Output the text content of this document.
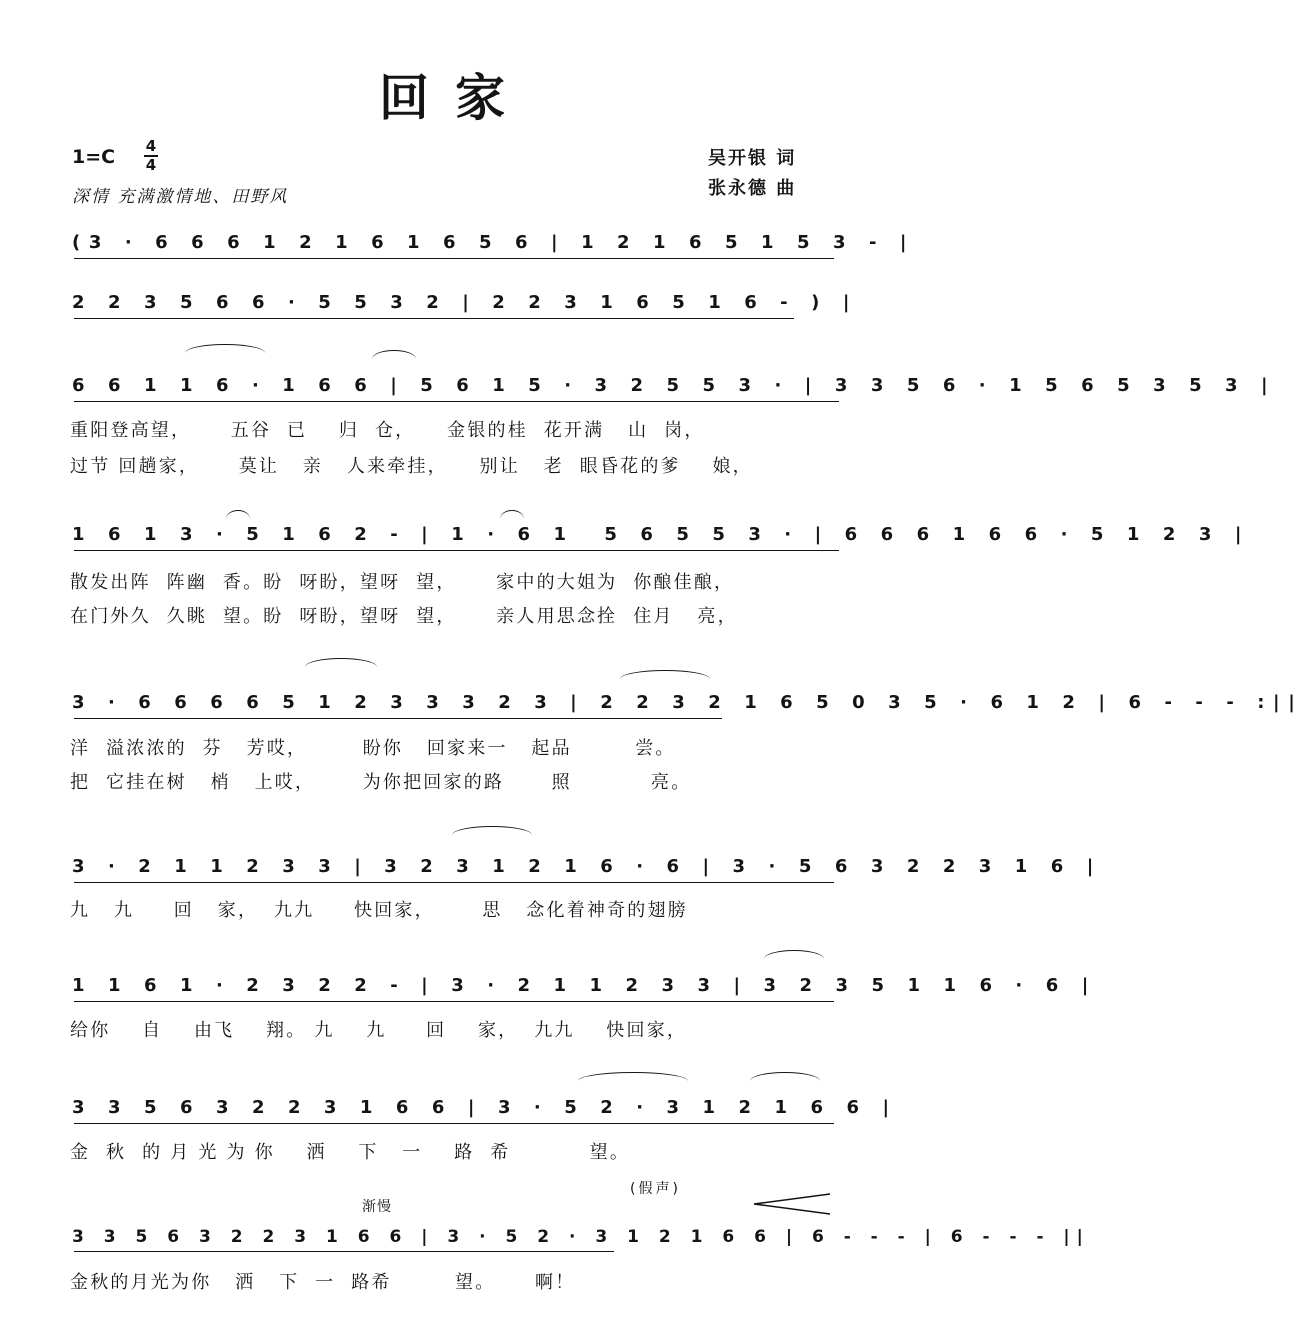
回家
1=C 4
4
深情 充满激情地、田野风
吴开银 词
张永德 曲
(3 · 6 6 6 1 2 1 6 1 6 5 6 | 1 2 1 6 5 1 5 3 - |
2 2 3 5 6 6 · 5 5 3 2 | 2 2 3 1 6 5 1 6 - ) |
6 6 1 1 6 · 1 6 6 | 5 6 1 5 · 3 2 5 5 3 · | 3 3 5 6 · 1 5 6 5 3 5 3 |
重阳登高望，     五谷  已    归  仓，    金银的桂  花开满   山  岗，
过节 回趟家，     莫让   亲   人来牵挂，    别让   老  眼昏花的爹    娘，
1 6 1 3 · 5 1 6 2 - | 1 · 6 1  5 6 5 5 3 · | 6 6 6 1 6 6 · 5 1 2 3 |
散发出阵  阵幽  香。盼  呀盼，望呀  望，     家中的大姐为  你酿佳酿，
在门外久  久眺  望。盼  呀盼，望呀  望，     亲人用思念拴  住月   亮，
3 · 6 6 6 6 5 1 2 3 3 3 2 3 | 2 2 3 2 1 6 5 0 3 5 · 6 1 2 | 6 - - - :||
洋  溢浓浓的  芬   芳哎，       盼你   回家来一   起品        尝。
把  它挂在树   梢   上哎，      为你把回家的路      照          亮。
3 · 2 1 1 2 3 3 | 3 2 3 1 2 1 6 · 6 | 3 · 5 6 3 2 2 3 1 6 |
九   九     回   家，  九九     快回家，      思   念化着神奇的翅膀
1 1 6 1 · 2 3 2 2 - | 3 · 2 1 1 2 3 3 | 3 2 3 5 1 1 6 · 6 |
给你    自    由飞    翔。 九    九     回    家，  九九    快回家，
3 3 5 6 3 2 2 3 1 6 6 | 3 · 5 2 · 3 1 2 1 6 6 |
金  秋  的 月 光 为 你    洒    下   一    路  希          望。
(假声)
渐慢
3 3 5 6 3 2 2 3 1 6 6 | 3 · 5 2 · 3 1 2 1 6 6 | 6 - - - | 6 - - - ||
金秋的月光为你   洒   下  一  路希        望。     啊！
